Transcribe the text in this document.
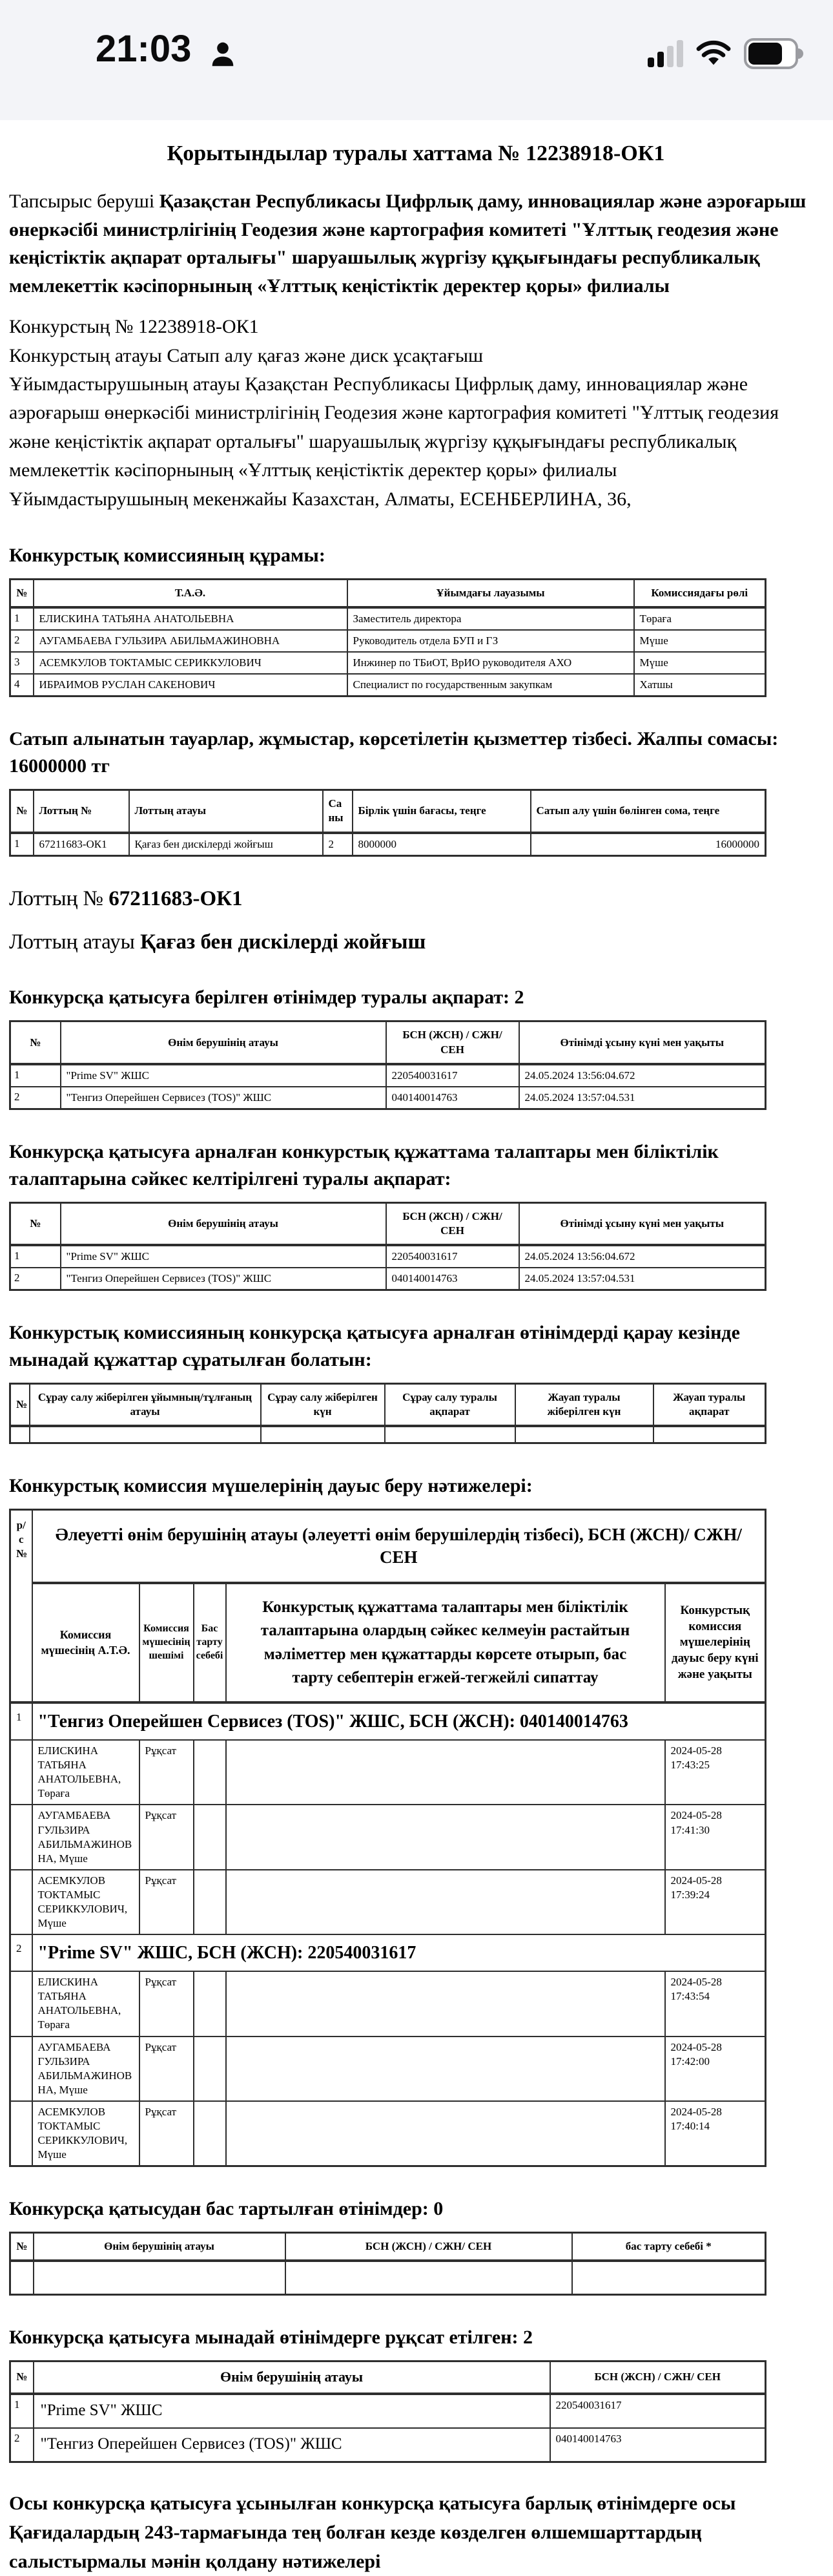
21:03
Қорытындылар туралы хаттама № 12238918-ОК1

Тапсырыс беруші Қазақстан Республикасы Цифрлық даму, инновациялар және аэроғарыш өнеркәсібі министрлігінің Геодезия және картография комитеті "Ұлттық геодезия және кеңістіктік ақпарат орталығы" шаруашылық жүргізу құқығындағы республикалық мемлекеттік кәсіпорнының «Ұлттық кеңістіктік деректер қоры» филиалы

Конкурстың № 12238918-ОК1

Конкурстың атауы Сатып алу қағаз және диск ұсақтағыш

Ұйымдастырушының атауы Қазақстан Республикасы Цифрлық даму, инновациялар және аэроғарыш өнеркәсібі министрлігінің Геодезия және картография комитеті "Ұлттық геодезия және кеңістіктік ақпарат орталығы" шаруашылық жүргізу құқығындағы республикалық мемлекеттік кәсіпорнының «Ұлттық кеңістіктік деректер қоры» филиалы

Ұйымдастырушының мекенжайы Казахстан, Алматы, ЕСЕНБЕРЛИНА, 36,

Конкурстық комиссияның құрамы:

№	Т.А.Ә.	Ұйымдағы лауазымы	Комиссиядағы рөлі
1	ЕЛИСКИНА ТАТЬЯНА АНАТОЛЬЕВНА	Заместитель директора	Төраға
2	АУГАМБАЕВА ГУЛЬЗИРА АБИЛЬМАЖИНОВНА	Руководитель отдела БУП и ГЗ	Мүше
3	АСЕМКУЛОВ ТОКТАМЫС СЕРИККУЛОВИЧ	Инжинер по ТБиОТ, ВрИО руководителя АХО	Мүше
4	ИБРАИМОВ РУСЛАН САКЕНОВИЧ	Специалист по государственным закупкам	Хатшы

Сатып алынатын тауарлар, жұмыстар, көрсетілетін қызметтер тізбесі. Жалпы сомасы: 16000000 тг

№	Лоттың №	Лоттың атауы	Саны	Бірлік үшін бағасы, теңге	Сатып алу үшін бөлінген сома, теңге
1	67211683-ОК1	Қағаз бен дискілерді жойғыш	2	8000000	16000000

Лоттың № 67211683-ОК1

Лоттың атауы Қағаз бен дискілерді жойғыш

Конкурсқа қатысуға берілген өтінімдер туралы ақпарат: 2

№	Өнім берушінің атауы	БСН (ЖСН) / СЖН/ СЕН	Өтінімді ұсыну күні мен уақыты
1	"Prime SV" ЖШС	220540031617	24.05.2024 13:56:04.672
2	"Тенгиз Оперейшен Сервисез (TOS)" ЖШС	040140014763	24.05.2024 13:57:04.531

Конкурсқа қатысуға арналған конкурстық құжаттама талаптары мен біліктілік талаптарына сәйкес келтірілгені туралы ақпарат:

№	Өнім берушінің атауы	БСН (ЖСН) / СЖН/ СЕН	Өтінімді ұсыну күні мен уақыты
1	"Prime SV" ЖШС	220540031617	24.05.2024 13:56:04.672
2	"Тенгиз Оперейшен Сервисез (TOS)" ЖШС	040140014763	24.05.2024 13:57:04.531

Конкурстық комиссияның конкурсқа қатысуға арналған өтінімдерді қарау кезінде мынадай құжаттар сұратылған болатын:

№	Сұрау салу жіберілген ұйымның/тұлғаның атауы	Сұрау салу жіберілген күн	Сұрау салу туралы ақпарат	Жауап туралы жіберілген күн	Жауап туралы ақпарат

Конкурстық комиссия мүшелерінің дауыс беру нәтижелері:

р/с №	Әлеуетті өнім берушінің атауы (әлеуетті өнім берушілердің тізбесі), БСН (ЖСН)/ СЖН/СЕН				
	Комиссия мүшесінің А.Т.Ә.	Комиссия мүшесінің шешімі	Бас тарту себебі	Конкурстық құжаттама талаптары мен біліктілік талаптарына олардың сәйкес келмеуін растайтын мәліметтер мен құжаттарды көрсете отырып, бас тарту себептерін егжей-тегжейлі сипаттау	Конкурстық комиссия мүшелерінің дауыс беру күні және уақыты
1	"Тенгиз Оперейшен Сервисез (TOS)" ЖШС, БСН (ЖСН): 040140014763				
	ЕЛИСКИНА ТАТЬЯНА АНАТОЛЬЕВНА, Төраға	Рұқсат			2024-05-28 17:43:25
	АУГАМБАЕВА ГУЛЬЗИРА АБИЛЬМАЖИНОВНА, Мүше	Рұқсат			2024-05-28 17:41:30
	АСЕМКУЛОВ ТОКТАМЫС СЕРИККУЛОВИЧ, Мүше	Рұқсат			2024-05-28 17:39:24
2	"Prime SV" ЖШС, БСН (ЖСН): 220540031617				
	ЕЛИСКИНА ТАТЬЯНА АНАТОЛЬЕВНА, Төраға	Рұқсат			2024-05-28 17:43:54
	АУГАМБАЕВА ГУЛЬЗИРА АБИЛЬМАЖИНОВНА, Мүше	Рұқсат			2024-05-28 17:42:00
	АСЕМКУЛОВ ТОКТАМЫС СЕРИККУЛОВИЧ, Мүше	Рұқсат			2024-05-28 17:40:14

Конкурсқа қатысудан бас тартылған өтінімдер: 0

№	Өнім берушінің атауы	БСН (ЖСН) / СЖН/ СЕН	бас тарту себебі *

Конкурсқа қатысуға мынадай өтінімдерге рұқсат етілген: 2

№	Өнім берушінің атауы	БСН (ЖСН) / СЖН/ СЕН
1	"Prime SV" ЖШС	220540031617
2	"Тенгиз Оперейшен Сервисез (TOS)" ЖШС	040140014763

Осы конкурсқа қатысуға ұсынылған конкурсқа қатысуға барлық өтінімдерге осы Қағидалардың 243-тармағында тең болған кезде көзделген өлшемшарттардың салыстырмалы мәнін қолдану нәтижелері
